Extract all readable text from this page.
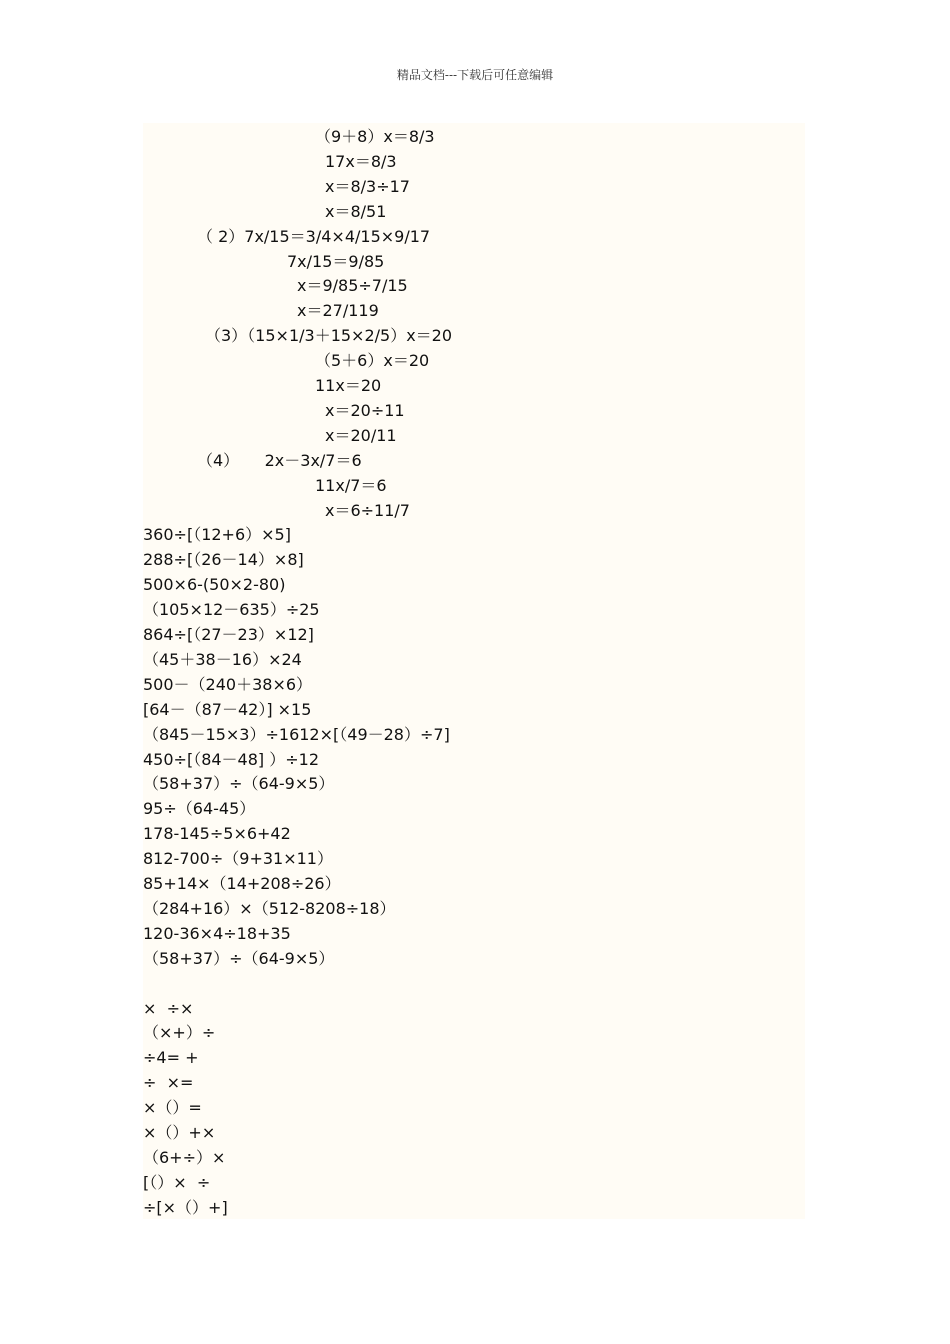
精品文档---下载后可任意编辑
（9＋8）x＝8/3
17x＝8/3
x＝8/3÷17
x＝8/51
（ 2）7x/15＝3/4×4/15×9/17
7x/15＝9/85
x＝9/85÷7/15
x＝27/119
（3）（15×1/3＋15×2/5）x＝20
（5＋6）x＝20
11x＝20
x＝20÷11
x＝20/11
（4）     2x－3x/7＝6
11x/7＝6
x＝6÷11/7
360÷[（12+6）×5]
288÷[（26－14）×8]
500×6-(50×2-80)
（105×12－635）÷25
864÷[（27－23）×12]
（45＋38－16）×24
500－（240＋38×6）
[64－（87－42）] ×15
（845－15×3）÷1612×[（49－28）÷7]
450÷[（84－48] ）÷12
（58+37）÷（64-9×5）
95÷（64-45）
178-145÷5×6+42
812-700÷（9+31×11）
85+14×（14+208÷26）
（284+16）×（512-8208÷18）
120-36×4÷18+35
（58+37）÷（64-9×5）
×  ÷×
（×+）÷
÷4= +
÷  ×=
×（）=
×（）+×
（6+÷）×
[（）×  ÷
÷[×（）+]
